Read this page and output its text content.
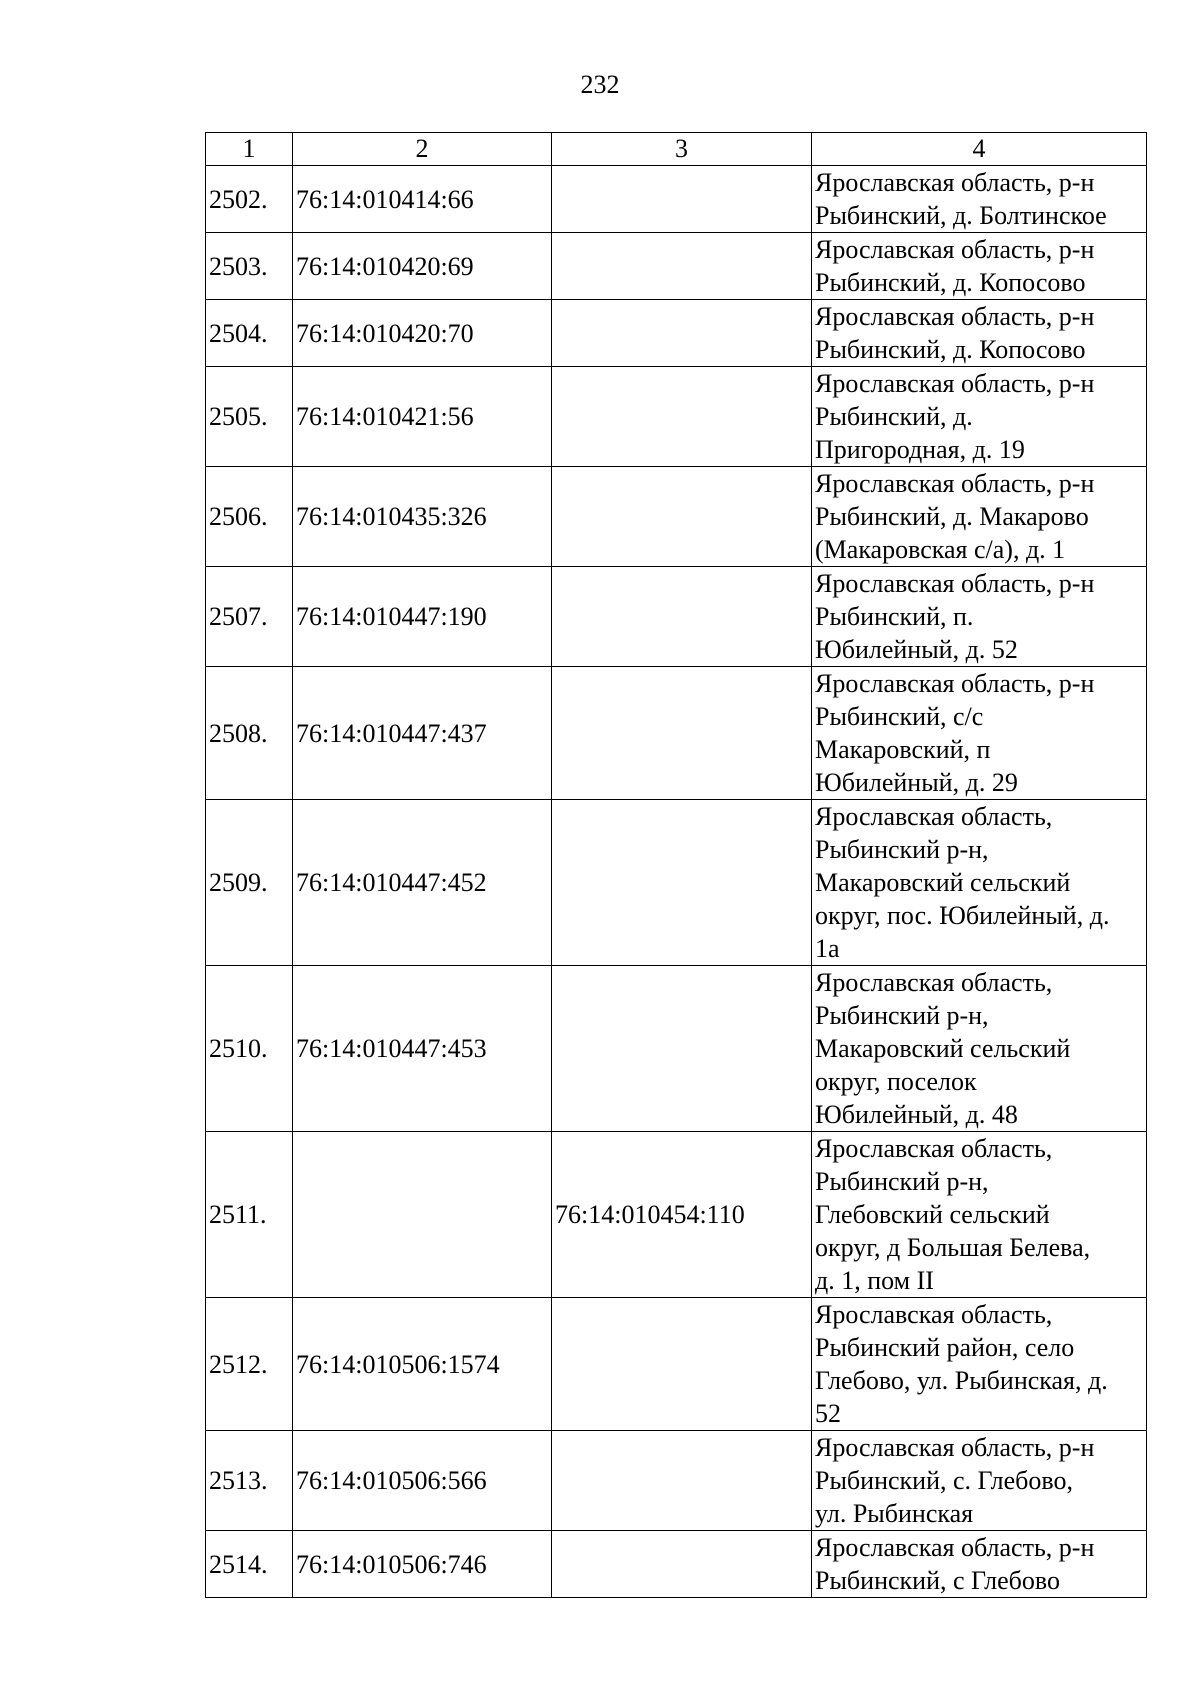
232
1	2	3	4
2502.	76:14:010414:66		Ярославская область, р-н
Рыбинский, д. Болтинское
2503.	76:14:010420:69		Ярославская область, р-н
Рыбинский, д. Копосово
2504.	76:14:010420:70		Ярославская область, р-н
Рыбинский, д. Копосово
2505.	76:14:010421:56		Ярославская область, р-н
Рыбинский, д.
Пригородная, д. 19
2506.	76:14:010435:326		Ярославская область, р-н
Рыбинский, д. Макарово
(Макаровская с/а), д. 1
2507.	76:14:010447:190		Ярославская область, р-н
Рыбинский, п.
Юбилейный, д. 52
2508.	76:14:010447:437		Ярославская область, р-н
Рыбинский, с/с
Макаровский, п
Юбилейный, д. 29
2509.	76:14:010447:452		Ярославская область,
Рыбинский р-н,
Макаровский сельский
округ, пос. Юбилейный, д.
1а
2510.	76:14:010447:453		Ярославская область,
Рыбинский р-н,
Макаровский сельский
округ, поселок
Юбилейный, д. 48
2511.		76:14:010454:110	Ярославская область,
Рыбинский р-н,
Глебовский сельский
округ, д Большая Белева,
д. 1, пом II
2512.	76:14:010506:1574		Ярославская область,
Рыбинский район, село
Глебово, ул. Рыбинская, д.
52
2513.	76:14:010506:566		Ярославская область, р-н
Рыбинский, с. Глебово,
ул. Рыбинская
2514.	76:14:010506:746		Ярославская область, р-н
Рыбинский, с Глебово
